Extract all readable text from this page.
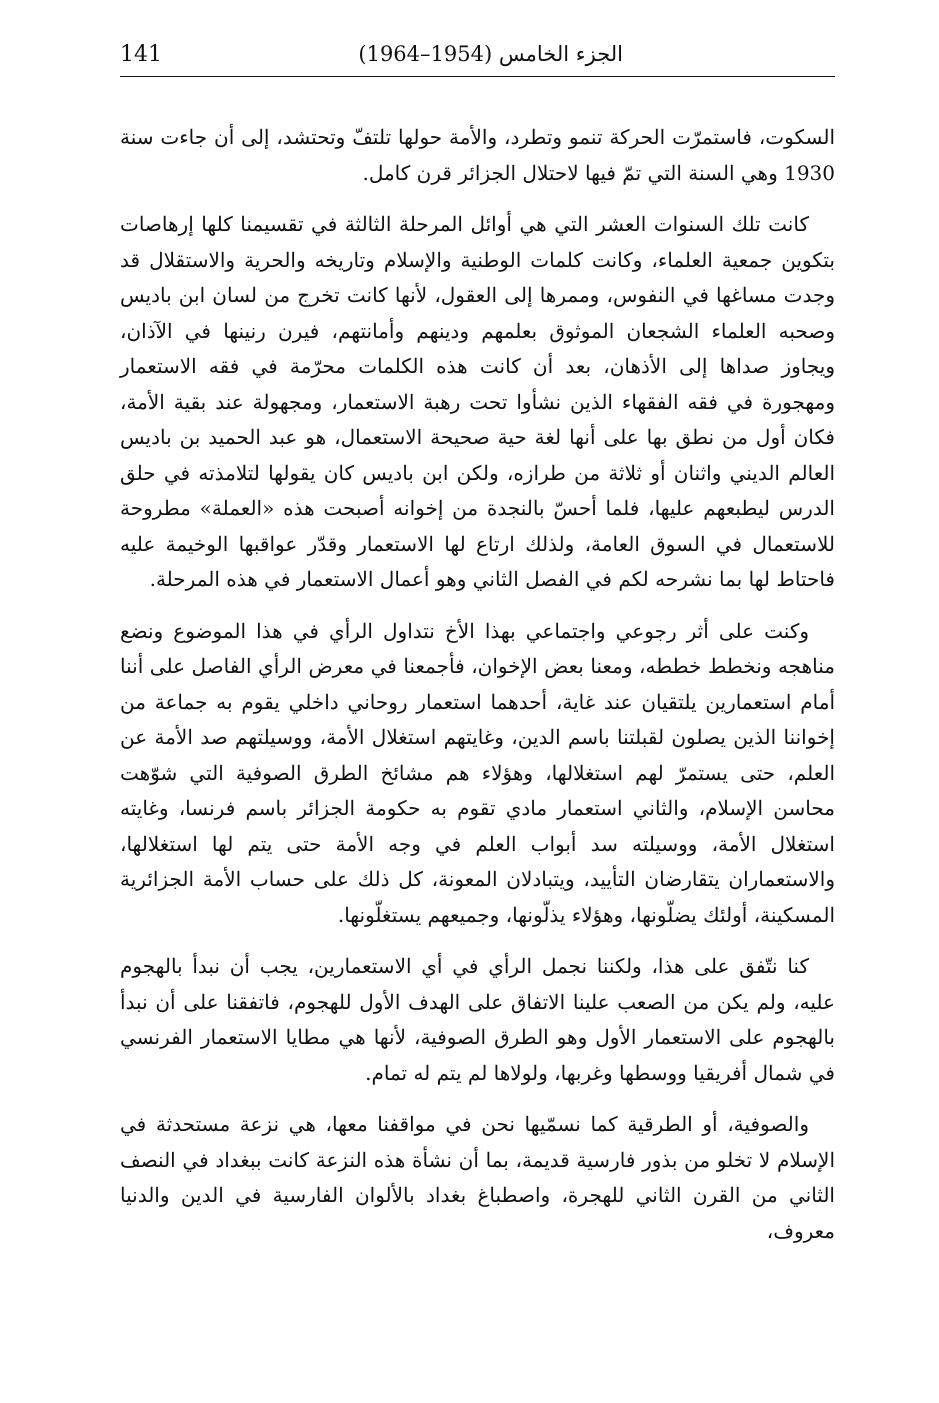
141	الجزء الخامس (1954–1964)

السكوت، فاستمرّت الحركة تنمو وتطرد، والأمة حولها تلتفّ وتحتشد، إلى أن جاءت سنة 1930 وهي السنة التي تمّ فيها لاحتلال الجزائر قرن كامل.

كانت تلك السنوات العشر التي هي أوائل المرحلة الثالثة في تقسيمنا كلها إرهاصات بتكوين جمعية العلماء، وكانت كلمات الوطنية والإسلام وتاريخه والحرية والاستقلال قد وجدت مساغها في النفوس، وممرها إلى العقول، لأنها كانت تخرج من لسان ابن باديس وصحبه العلماء الشجعان الموثوق بعلمهم ودينهم وأمانتهم، فيرن رنينها في الآذان، ويجاوز صداها إلى الأذهان، بعد أن كانت هذه الكلمات محرّمة في فقه الاستعمار ومهجورة في فقه الفقهاء الذين نشأوا تحت رهبة الاستعمار، ومجهولة عند بقية الأمة، فكان أول من نطق بها على أنها لغة حية صحيحة الاستعمال، هو عبد الحميد بن باديس العالم الديني واثنان أو ثلاثة من طرازه، ولكن ابن باديس كان يقولها لتلامذته في حلق الدرس ليطبعهم عليها، فلما أحسّ بالنجدة من إخوانه أصبحت هذه «العملة» مطروحة للاستعمال في السوق العامة، ولذلك ارتاع لها الاستعمار وقدّر عواقبها الوخيمة عليه فاحتاط لها بما نشرحه لكم في الفصل الثاني وهو أعمال الاستعمار في هذه المرحلة.

وكنت على أثر رجوعي واجتماعي بهذا الأخ نتداول الرأي في هذا الموضوع ونضع مناهجه ونخطط خططه، ومعنا بعض الإخوان، فأجمعنا في معرض الرأي الفاصل على أننا أمام استعمارين يلتقيان عند غاية، أحدهما استعمار روحاني داخلي يقوم به جماعة من إخواننا الذين يصلون لقبلتنا باسم الدين، وغايتهم استغلال الأمة، ووسيلتهم صد الأمة عن العلم، حتى يستمرّ لهم استغلالها، وهؤلاء هم مشائخ الطرق الصوفية التي شوّهت محاسن الإسلام، والثاني استعمار مادي تقوم به حكومة الجزائر باسم فرنسا، وغايته استغلال الأمة، ووسيلته سد أبواب العلم في وجه الأمة حتى يتم لها استغلالها، والاستعماران يتقارضان التأييد، ويتبادلان المعونة، كل ذلك على حساب الأمة الجزائرية المسكينة، أولئك يضلّونها، وهؤلاء يذلّونها، وجميعهم يستغلّونها.

كنا نتّفق على هذا، ولكننا نجمل الرأي في أي الاستعمارين، يجب أن نبدأ بالهجوم عليه، ولم يكن من الصعب علينا الاتفاق على الهدف الأول للهجوم، فاتفقنا على أن نبدأ بالهجوم على الاستعمار الأول وهو الطرق الصوفية، لأنها هي مطايا الاستعمار الفرنسي في شمال أفريقيا ووسطها وغربها، ولولاها لم يتم له تمام.

والصوفية، أو الطرقية كما نسمّيها نحن في مواقفنا معها، هي نزعة مستحدثة في الإسلام لا تخلو من بذور فارسية قديمة، بما أن نشأة هذه النزعة كانت ببغداد في النصف الثاني من القرن الثاني للهجرة، واصطباغ بغداد بالألوان الفارسية في الدين والدنيا معروف،
